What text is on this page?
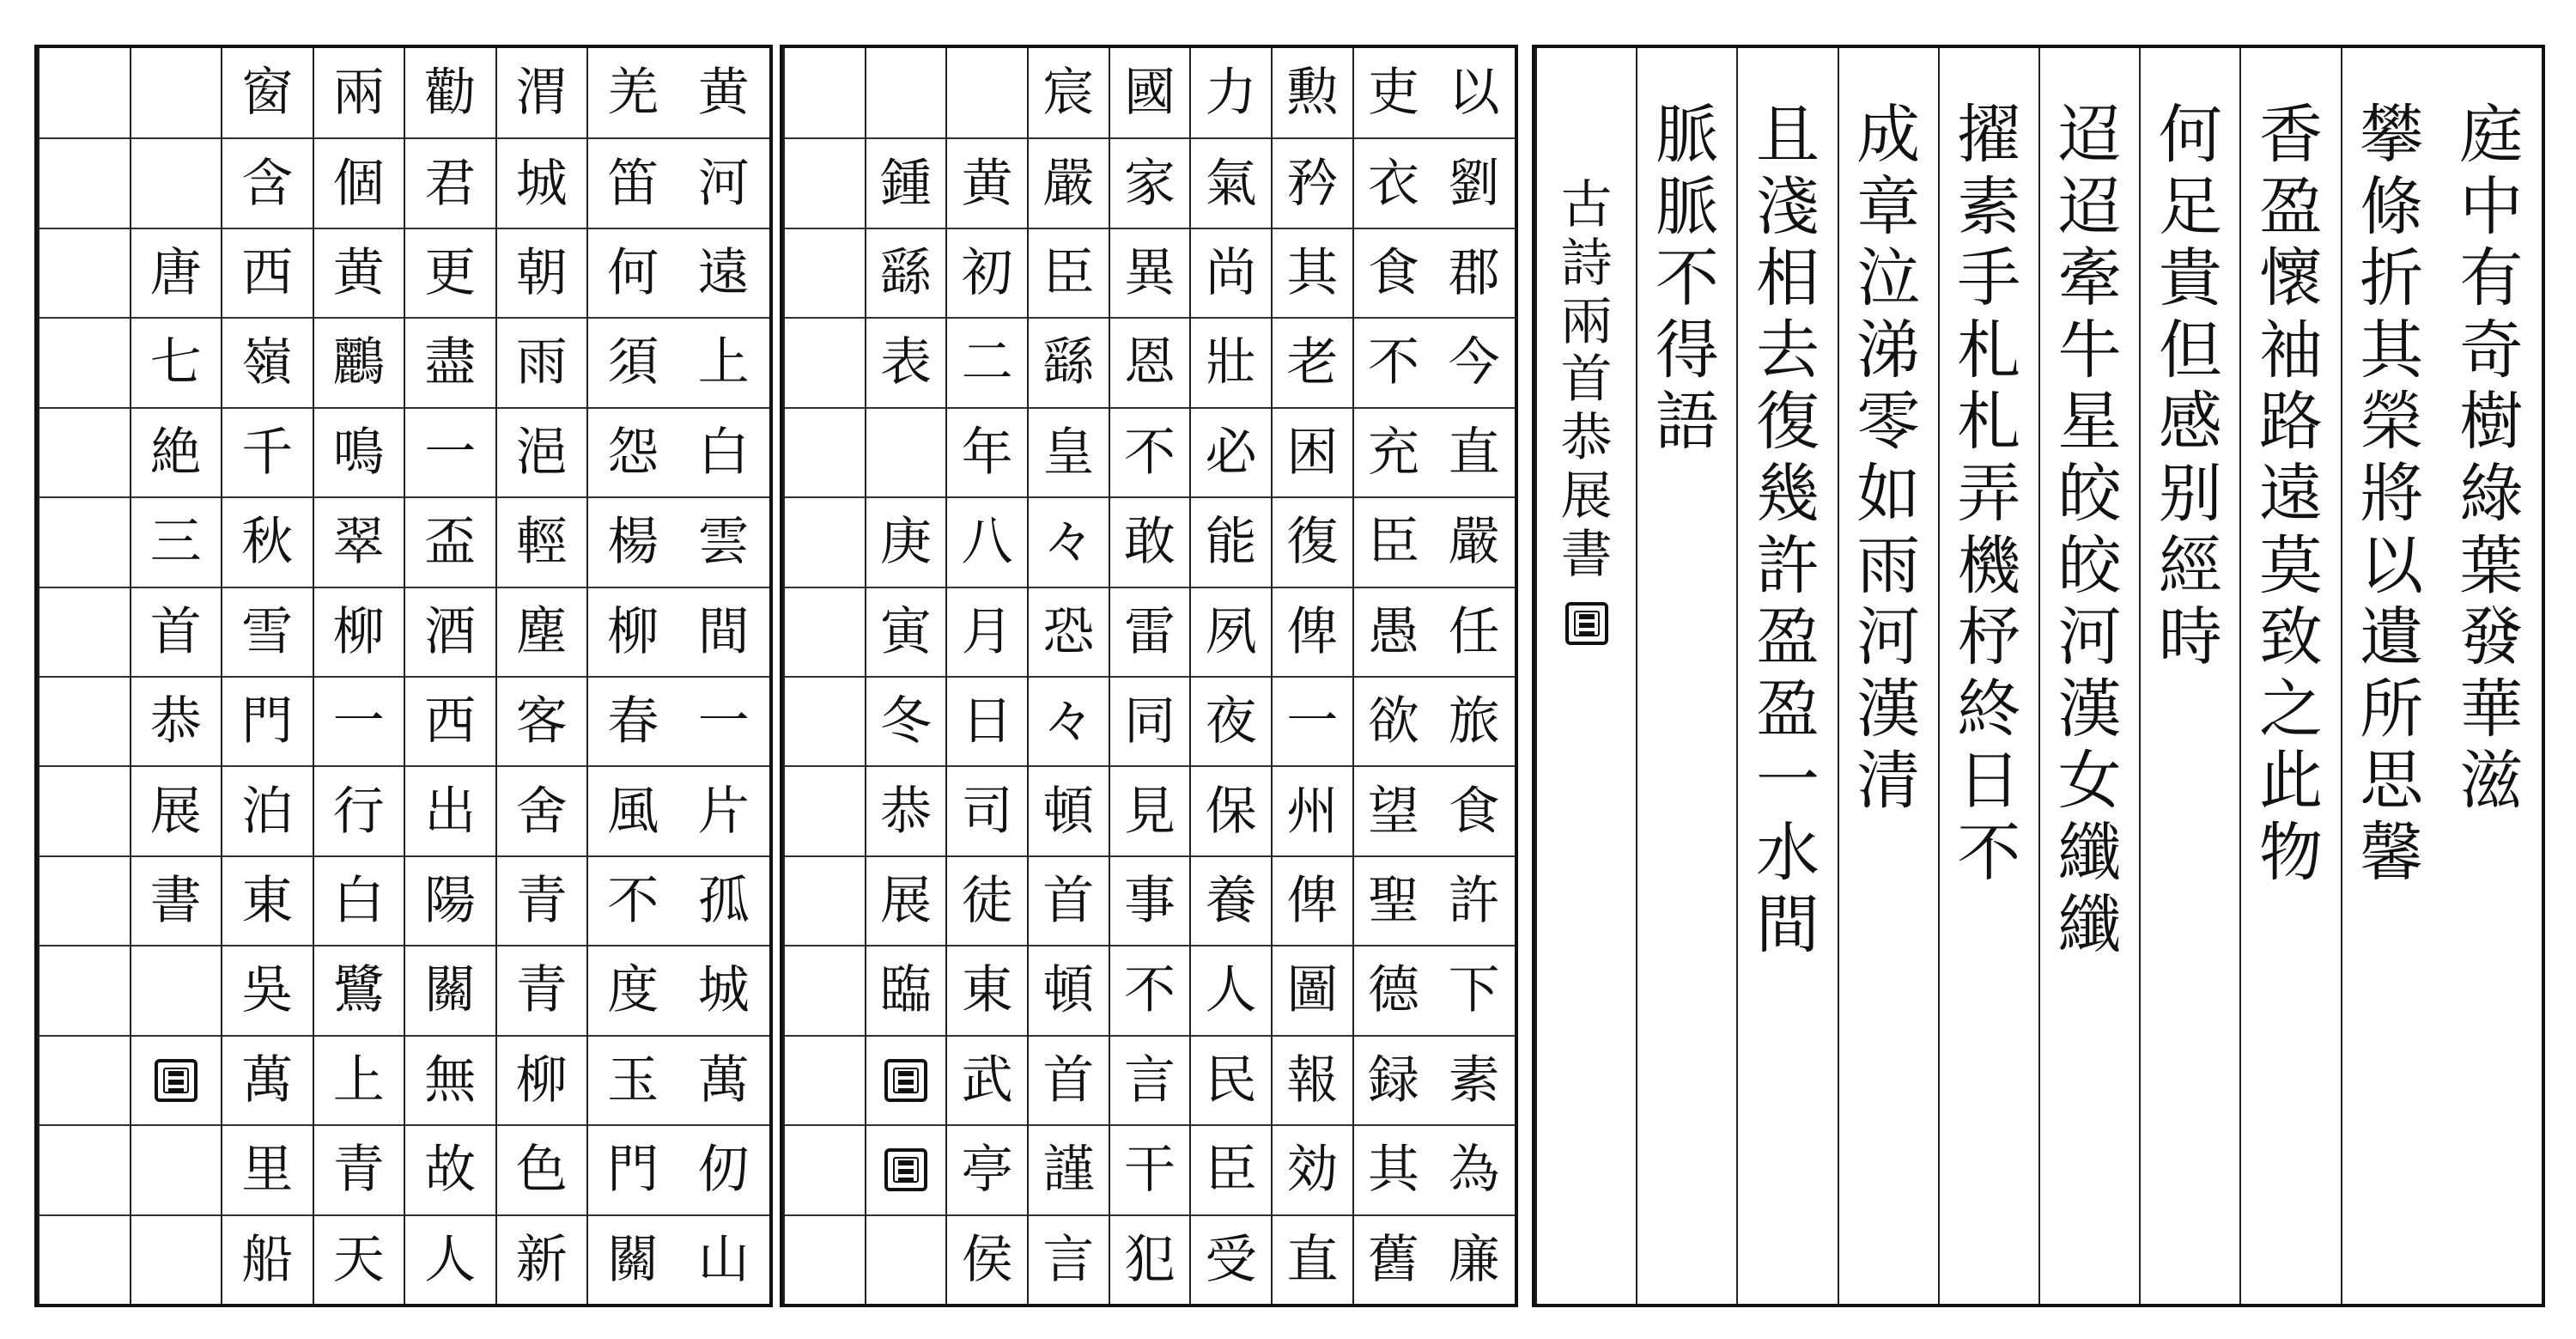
黄
河
遠
上
白
雲
間
一
片
孤
城
萬
仞
山
羌
笛
何
須
怨
楊
柳
春
風
不
度
玉
門
關
渭
城
朝
雨
浥
輕
塵
客
舍
青
青
柳
色
新
勸
君
更
盡
一
盃
酒
西
出
陽
關
無
故
人
兩
個
黄
鸝
鳴
翠
柳
一
行
白
鷺
上
青
天
窗
含
西
嶺
千
秋
雪
門
泊
東
吳
萬
里
船
唐
七
絶
三
首
恭
展
書
以
劉
郡
今
直
嚴
任
旅
食
許
下
素
為
廉
吏
衣
食
不
充
臣
愚
欲
望
聖
德
録
其
舊
勲
矜
其
老
困
復
俾
一
州
俾
圖
報
効
直
力
氣
尚
壯
必
能
夙
夜
保
養
人
民
臣
受
國
家
異
恩
不
敢
雷
同
見
事
不
言
干
犯
宸
嚴
臣
繇
皇
々
恐
々
頓
首
頓
首
謹
言
黄
初
二
年
八
月
日
司
徒
東
武
亭
侯
鍾
繇
表
庚
寅
冬
恭
展
臨
庭
中
有
奇
樹
綠
葉
發
華
滋
攀
條
折
其
榮
將
以
遺
所
思
馨
香
盈
懷
袖
路
遠
莫
致
之
此
物
何
足
貴
但
感
别
經
時
迢
迢
牽
牛
星
皎
皎
河
漢
女
纖
纖
擢
素
手
札
札
弄
機
杼
終
日
不
成
章
泣
涕
零
如
雨
河
漢
清
且
淺
相
去
復
幾
許
盈
盈
一
水
間
脈
脈
不
得
語
古
詩
兩
首
恭
展
書
